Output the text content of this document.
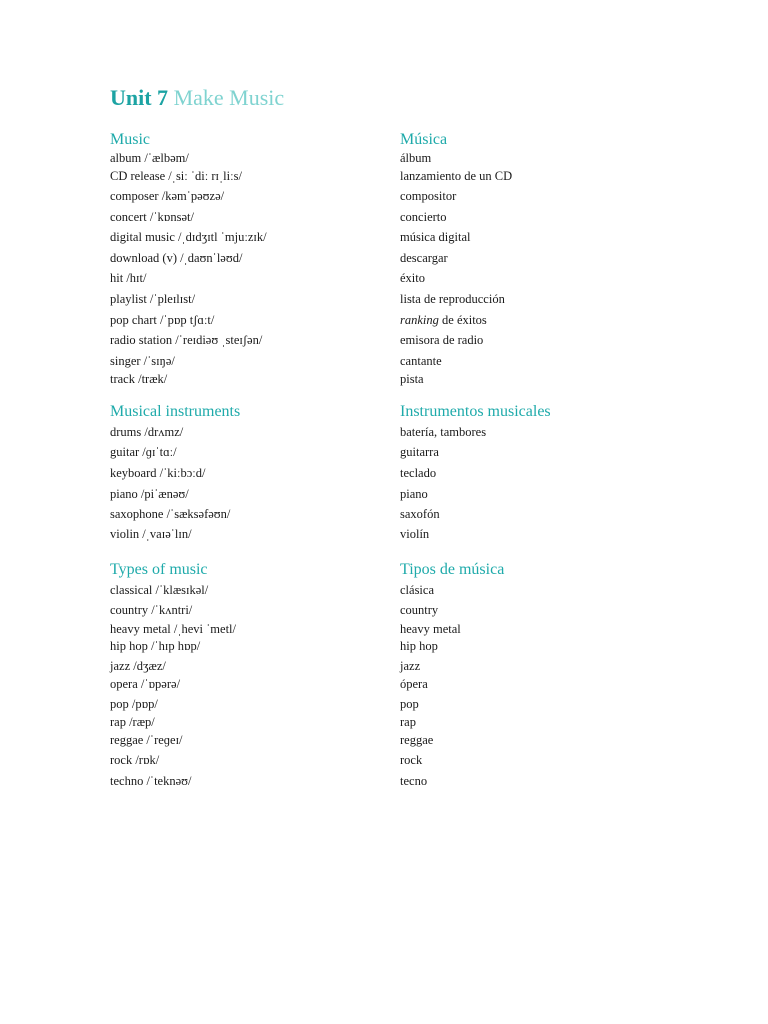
Unit 7 Make Music
Music	Música
album /ˈælbəm/	álbum
CD release /ˌsiː ˈdiː rɪˌliːs/	lanzamiento de un CD
composer /kəmˈpəʊzə/	compositor
concert /ˈkɒnsət/	concierto
digital music /ˌdɪdʒɪtl ˈmjuːzɪk/	música digital
download (v) /ˌdaʊnˈləʊd/	descargar
hit /hɪt/	éxito
playlist /ˈpleɪlɪst/	lista de reproducción
pop chart /ˈpɒp tʃɑːt/	ranking de éxitos
radio station /ˈreɪdiəʊ ˌsteɪʃən/	emisora de radio
singer /ˈsɪŋə/	cantante
track /træk/	pista
Musical instruments	Instrumentos musicales
drums /drʌmz/	batería, tambores
guitar /ɡɪˈtɑː/	guitarra
keyboard /ˈkiːbɔːd/	teclado
piano /piˈænəʊ/	piano
saxophone /ˈsæksəfəʊn/	saxofón
violin /ˌvaɪəˈlɪn/	violín
Types of music	Tipos de música
classical /ˈklæsɪkəl/	clásica
country /ˈkʌntri/	country
heavy metal /ˌhevi ˈmetl/	heavy metal
hip hop /ˈhɪp hɒp/	hip hop
jazz /dʒæz/	jazz
opera /ˈɒpərə/	ópera
pop /pɒp/	pop
rap /ræp/	rap
reggae /ˈreɡeɪ/	reggae
rock /rɒk/	rock
techno /ˈteknəʊ/	tecno
